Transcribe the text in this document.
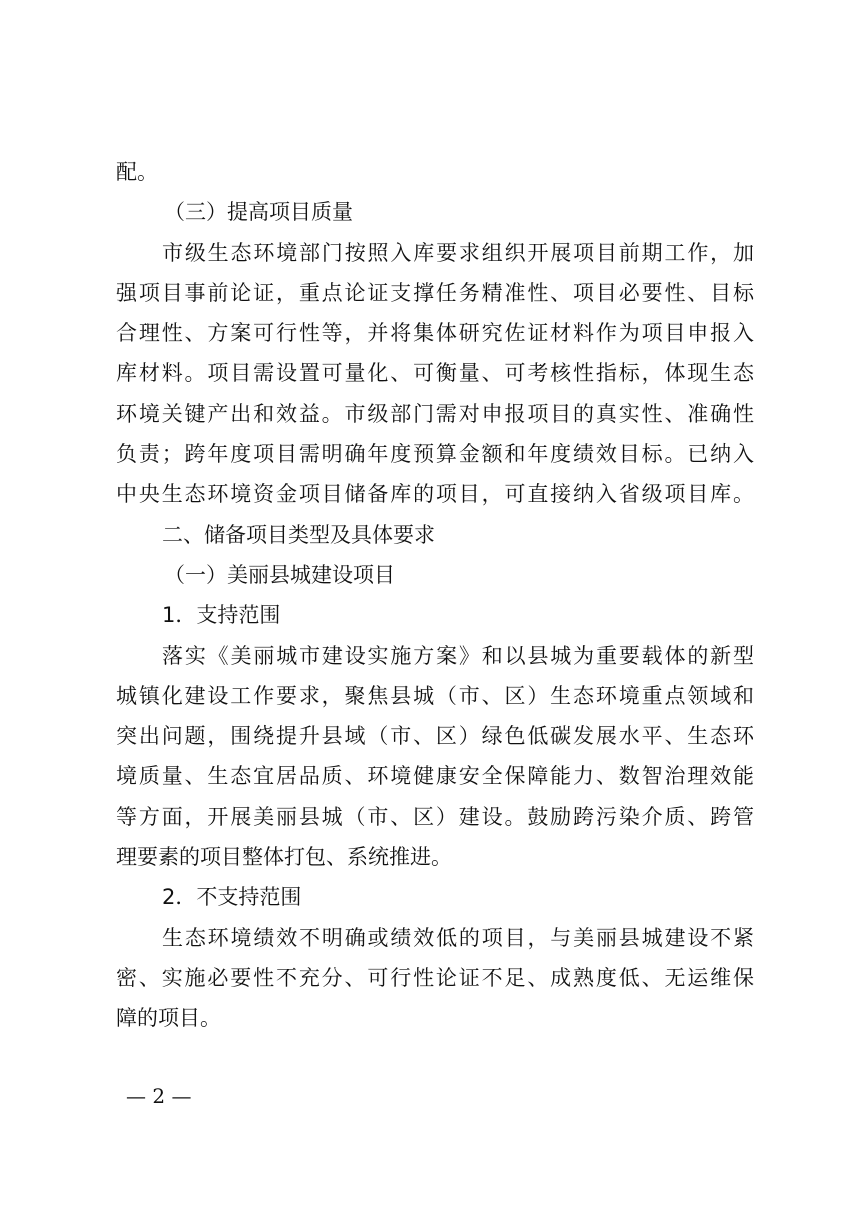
配。
（三）提高项目质量
市级生态环境部门按照入库要求组织开展项目前期工作，加
强项目事前论证，重点论证支撑任务精准性、项目必要性、目标
合理性、方案可行性等，并将集体研究佐证材料作为项目申报入
库材料。项目需设置可量化、可衡量、可考核性指标，体现生态
环境关键产出和效益。市级部门需对申报项目的真实性、准确性
负责；跨年度项目需明确年度预算金额和年度绩效目标。已纳入
中央生态环境资金项目储备库的项目，可直接纳入省级项目库。
二、储备项目类型及具体要求
（一）美丽县城建设项目
1．支持范围
落实《美丽城市建设实施方案》和以县城为重要载体的新型
城镇化建设工作要求，聚焦县城（市、区）生态环境重点领域和
突出问题，围绕提升县域（市、区）绿色低碳发展水平、生态环
境质量、生态宜居品质、环境健康安全保障能力、数智治理效能
等方面，开展美丽县城（市、区）建设。鼓励跨污染介质、跨管
理要素的项目整体打包、系统推进。
2．不支持范围
生态环境绩效不明确或绩效低的项目，与美丽县城建设不紧
密、实施必要性不充分、可行性论证不足、成熟度低、无运维保
障的项目。
— 2 —
